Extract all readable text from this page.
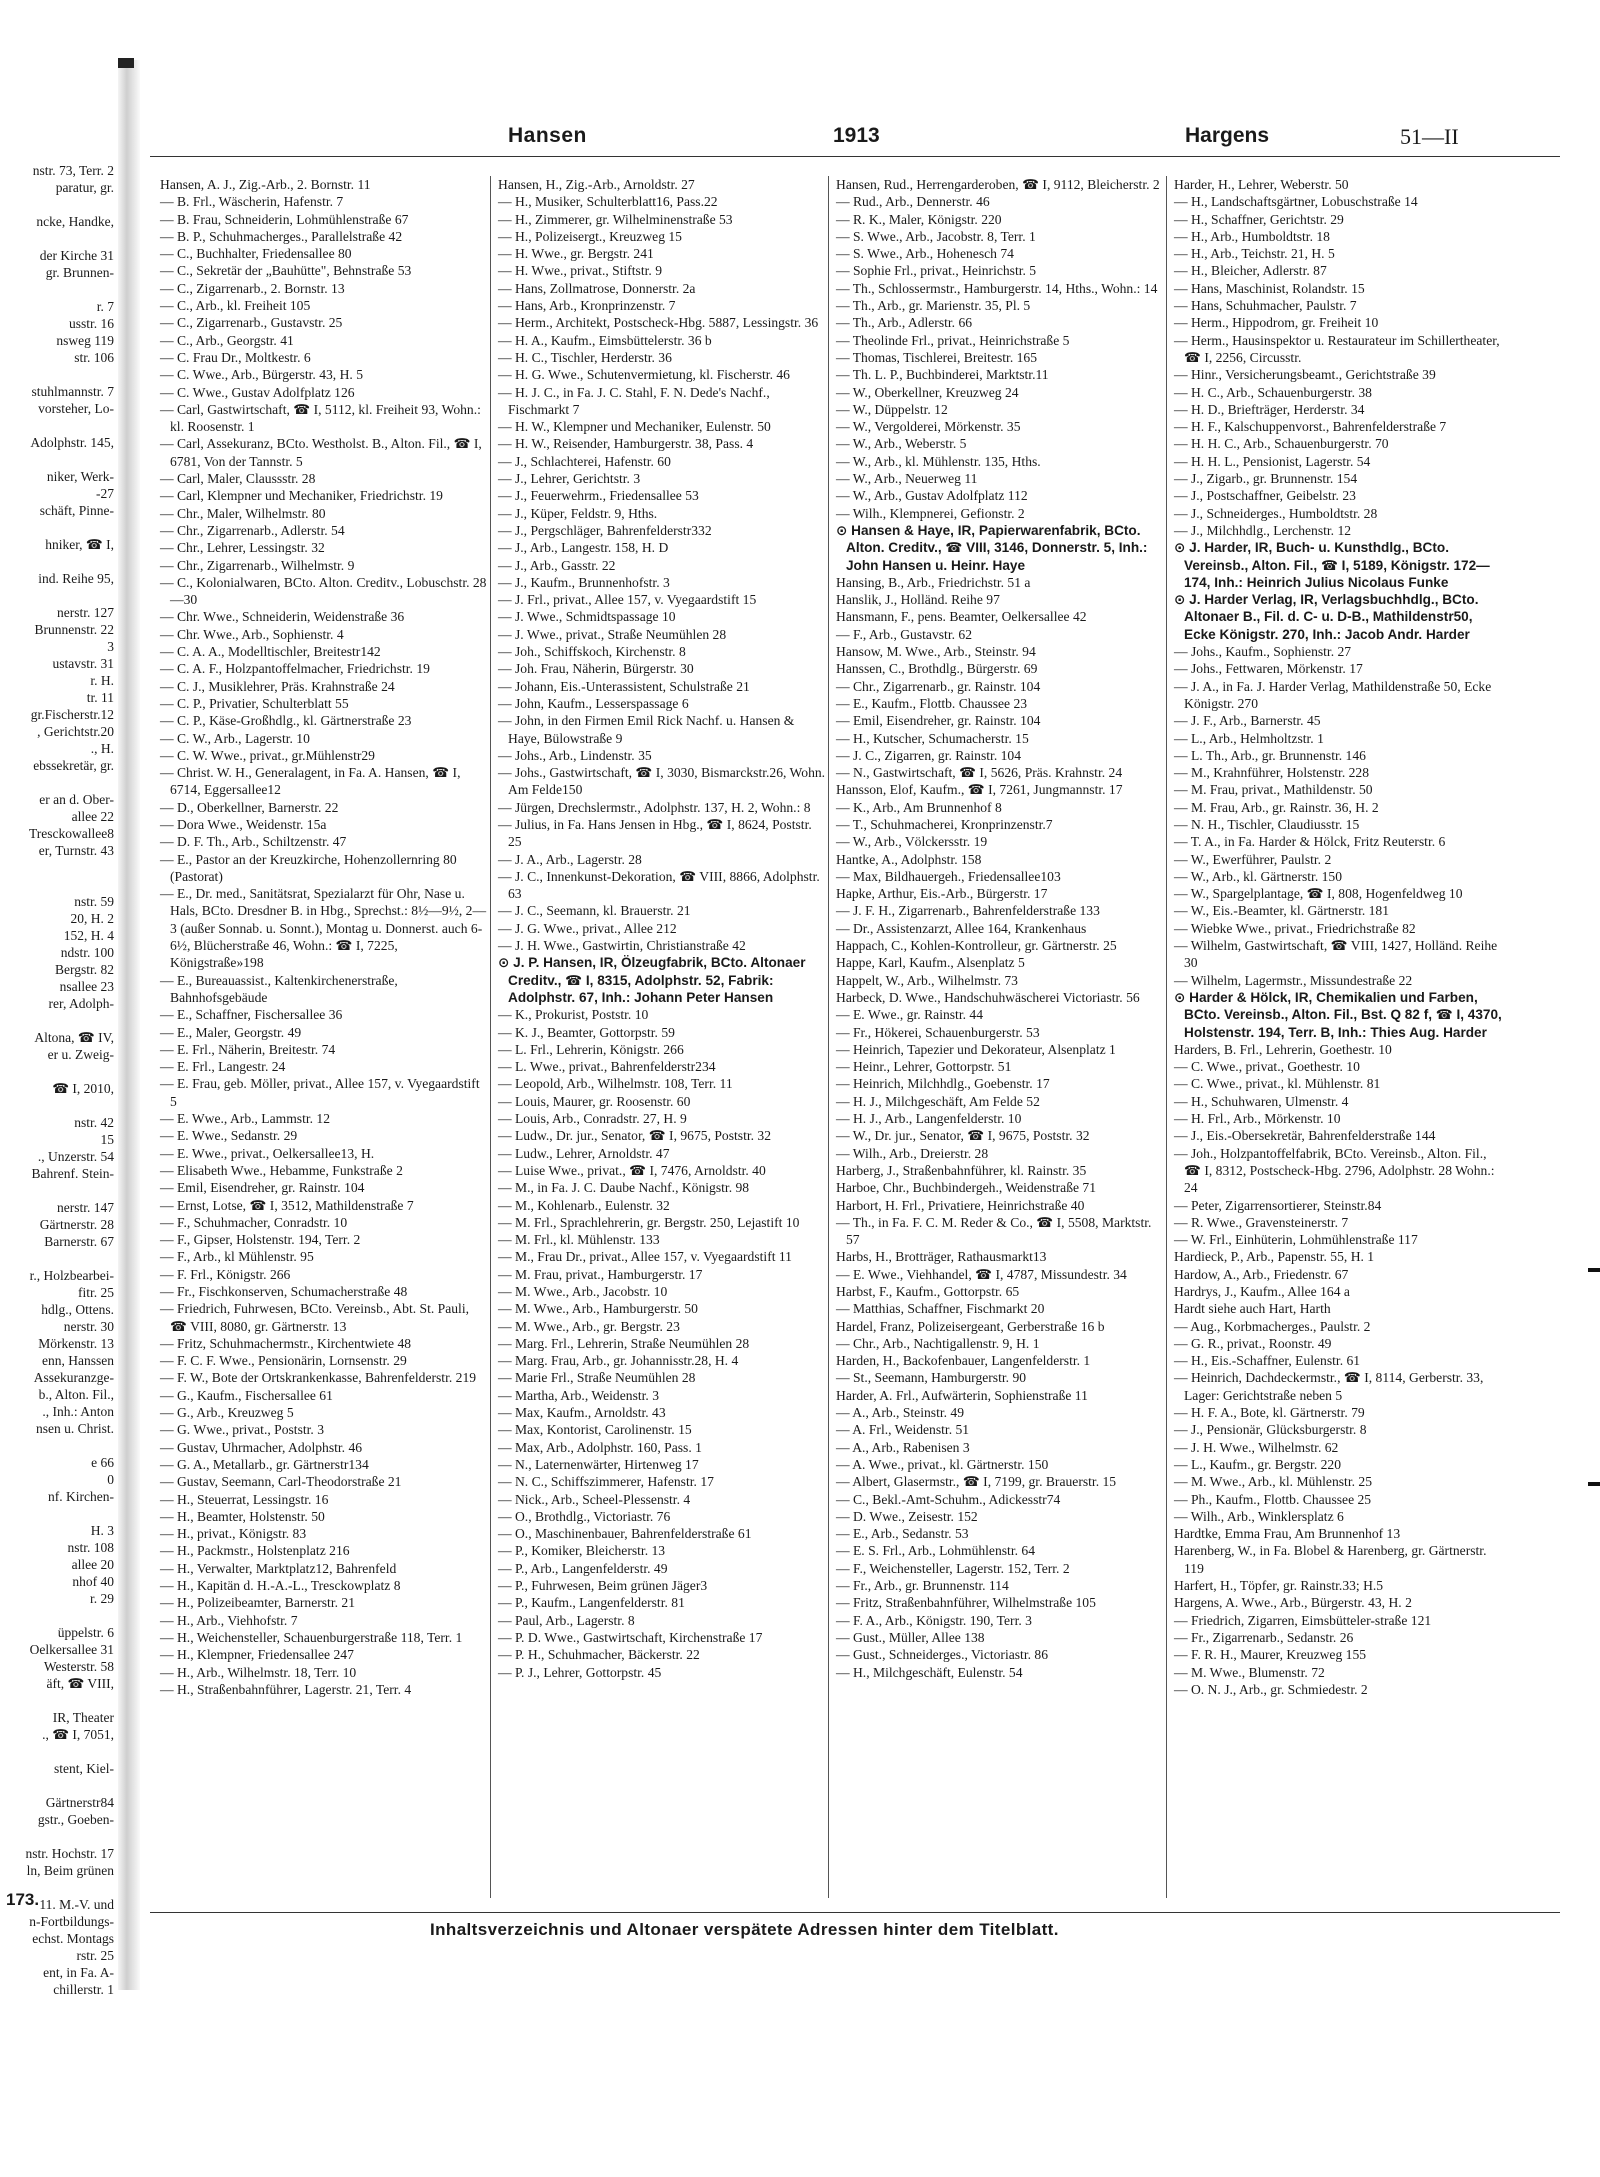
nstr. 73, Terr. 2
paratur, gr.

ncke, Handke,

der Kirche 31
gr. Brunnen-

r. 7
usstr. 16
nsweg 119
str. 106

stuhlmannstr. 7
vorsteher, Lo-

Adolphstr. 145,

niker, Werk-
-27
schäft, Pinne-

hniker, ☎ I,

ind. Reihe 95,

nerstr. 127
Brunnenstr. 22
3
ustavstr. 31
r. H.
tr. 11
gr.Fischerstr.12
, Gerichtstr.20
., H.
ebssekretär, gr.

er an d. Ober-
allee 22
Tresckowallee8
er, Turnstr. 43

nstr. 59
20, H. 2
152, H. 4
ndstr. 100
Bergstr. 82
nsallee 23
rer, Adolph-

Altona, ☎ IV,
er u. Zweig-

☎ I, 2010,

nstr. 42
15
., Unzerstr. 54
Bahrenf. Stein-

nerstr. 147
Gärtnerstr. 28
Barnerstr. 67

r., Holzbearbei-
fitr. 25
hdlg., Ottens.
nerstr. 30
Mörkenstr. 13
enn, Hanssen
Assekuranzge-
b., Alton. Fil.,
., Inh.: Anton
nsen u. Christ.

e 66
0
nf. Kirchen-

H. 3
nstr. 108
allee 20
nhof 40
r. 29

üppelstr. 6
Oelkersallee 31
Westerstr. 58
äft, ☎ VIII,

IR, Theater
., ☎ I, 7051,

stent, Kiel-

Gärtnerstr84
gstr., Goeben-

nstr. Hochstr. 17
ln, Beim grünen

11. M.-V. und
n-Fortbildungs-
echst. Montags
rstr. 25
ent, in Fa. A-
chillerstr. 1
173.
Hansen	1913	Hargens	51—II

Hansen, A. J., Zig.-Arb., 2. Bornstr. 11

— B. Frl., Wäscherin, Hafenstr. 7

— B. Frau, Schneiderin, Lohmühlenstraße 67

— B. P., Schuhmacherges., Parallelstraße 42

— C., Buchhalter, Friedensallee 80

— C., Sekretär der „Bauhütte", Behnstraße 53

— C., Zigarrenarb., 2. Bornstr. 13

— C., Arb., kl. Freiheit 105

— C., Zigarrenarb., Gustavstr. 25

— C., Arb., Georgstr. 41

— C. Frau Dr., Moltkestr. 6

— C. Wwe., Arb., Bürgerstr. 43, H. 5

— C. Wwe., Gustav Adolfplatz 126

— Carl, Gastwirtschaft, ☎ I, 5112, kl. Freiheit 93, Wohn.: kl. Roosenstr. 1

— Carl, Assekuranz, BCto. Westholst. B., Alton. Fil., ☎ I, 6781, Von der Tannstr. 5

— Carl, Maler, Claussstr. 28

— Carl, Klempner und Mechaniker, Friedrichstr. 19

— Chr., Maler, Wilhelmstr. 80

— Chr., Zigarrenarb., Adlerstr. 54

— Chr., Lehrer, Lessingstr. 32

— Chr., Zigarrenarb., Wilhelmstr. 9

— C., Kolonialwaren, BCto. Alton. Creditv., Lobuschstr. 28—30

— Chr. Wwe., Schneiderin, Weidenstraße 36

— Chr. Wwe., Arb., Sophienstr. 4

— C. A. A., Modelltischler, Breitestr142

— C. A. F., Holzpantoffelmacher, Friedrichstr. 19

— C. J., Musiklehrer, Präs. Krahnstraße 24

— C. P., Privatier, Schulterblatt 55

— C. P., Käse-Großhdlg., kl. Gärtnerstraße 23

— C. W., Arb., Lagerstr. 10

— C. W. Wwe., privat., gr.Mühlenstr29

— Christ. W. H., Generalagent, in Fa. A. Hansen, ☎ I, 6714, Eggersallee12

— D., Oberkellner, Barnerstr. 22

— Dora Wwe., Weidenstr. 15a

— D. F. Th., Arb., Schiltzenstr. 47

— E., Pastor an der Kreuzkirche, Hohenzollernring 80 (Pastorat)

— E., Dr. med., Sanitätsrat, Spezialarzt für Ohr, Nase u. Hals, BCto. Dresdner B. in Hbg., Sprechst.: 8½—9½, 2—3 (außer Sonnab. u. Sonnt.), Montag u. Donnerst. auch 6-6½, Blücherstraße 46, Wohn.: ☎ I, 7225, Königstraße»198

— E., Bureauassist., Kaltenkirchenerstraße, Bahnhofsgebäude

— E., Schaffner, Fischersallee 36

— E., Maler, Georgstr. 49

— E. Frl., Näherin, Breitestr. 74

— E. Frl., Langestr. 24

— E. Frau, geb. Möller, privat., Allee 157, v. Vyegaardstift 5

— E. Wwe., Arb., Lammstr. 12

— E. Wwe., Sedanstr. 29

— E. Wwe., privat., Oelkersallee13, H.

— Elisabeth Wwe., Hebamme, Funkstraße 2

— Emil, Eisendreher, gr. Rainstr. 104

— Ernst, Lotse, ☎ I, 3512, Mathildenstraße 7

— F., Schuhmacher, Conradstr. 10

— F., Gipser, Holstenstr. 194, Terr. 2

— F., Arb., kl Mühlenstr. 95

— F. Frl., Königstr. 266

— Fr., Fischkonserven, Schumacherstraße 48

— Friedrich, Fuhrwesen, BCto. Vereinsb., Abt. St. Pauli, ☎ VIII, 8080, gr. Gärtnerstr. 13

— Fritz, Schuhmachermstr., Kirchentwiete 48

— F. C. F. Wwe., Pensionärin, Lornsenstr. 29

— F. W., Bote der Ortskrankenkasse, Bahrenfelderstr. 219

— G., Kaufm., Fischersallee 61

— G., Arb., Kreuzweg 5

— G. Wwe., privat., Poststr. 3

— Gustav, Uhrmacher, Adolphstr. 46

— G. A., Metallarb., gr. Gärtnerstr134

— Gustav, Seemann, Carl-Theodorstraße 21

— H., Steuerrat, Lessingstr. 16

— H., Beamter, Holstenstr. 50

— H., privat., Königstr. 83

— H., Packmstr., Holstenplatz 216

— H., Verwalter, Marktplatz12, Bahrenfeld

— H., Kapitän d. H.-A.-L., Tresckowplatz 8

— H., Polizeibeamter, Barnerstr. 21

— H., Arb., Viehhofstr. 7

— H., Weichensteller, Schauenburgerstraße 118, Terr. 1

— H., Klempner, Friedensallee 247

— H., Arb., Wilhelmstr. 18, Terr. 10

— H., Straßenbahnführer, Lagerstr. 21, Terr. 4

Hansen, H., Zig.-Arb., Arnoldstr. 27

— H., Musiker, Schulterblatt16, Pass.22

— H., Zimmerer, gr. Wilhelminenstraße 53

— H., Polizeisergt., Kreuzweg 15

— H. Wwe., gr. Bergstr. 241

— H. Wwe., privat., Stiftstr. 9

— Hans, Zollmatrose, Donnerstr. 2a

— Hans, Arb., Kronprinzenstr. 7

— Herm., Architekt, Postscheck-Hbg. 5887, Lessingstr. 36

— H. A., Kaufm., Eimsbüttelerstr. 36 b

— H. C., Tischler, Herderstr. 36

— H. G. Wwe., Schutenvermietung, kl. Fischerstr. 46

— H. J. C., in Fa. J. C. Stahl, F. N. Dede's Nachf., Fischmarkt 7

— H. W., Klempner und Mechaniker, Eulenstr. 50

— H. W., Reisender, Hamburgerstr. 38, Pass. 4

— J., Schlachterei, Hafenstr. 60

— J., Lehrer, Gerichtstr. 3

— J., Feuerwehrm., Friedensallee 53

— J., Küper, Feldstr. 9, Hths.

— J., Pergschläger, Bahrenfelderstr332

— J., Arb., Langestr. 158, H. D

— J., Arb., Gasstr. 22

— J., Kaufm., Brunnenhofstr. 3

— J. Frl., privat., Allee 157, v. Vyegaardstift 15

— J. Wwe., Schmidtspassage 10

— J. Wwe., privat., Straße Neumühlen 28

— Joh., Schiffskoch, Kirchenstr. 8

— Joh. Frau, Näherin, Bürgerstr. 30

— Johann, Eis.-Unterassistent, Schulstraße 21

— John, Kaufm., Lesserspassage 6

— John, in den Firmen Emil Rick Nachf. u. Hansen & Haye, Bülowstraße 9

— Johs., Arb., Lindenstr. 35

— Johs., Gastwirtschaft, ☎ I, 3030, Bismarckstr.26, Wohn. Am Felde150

— Jürgen, Drechslermstr., Adolphstr. 137, H. 2, Wohn.: 8

— Julius, in Fa. Hans Jensen in Hbg., ☎ I, 8624, Poststr. 25

— J. A., Arb., Lagerstr. 28

— J. C., Innenkunst-Dekoration, ☎ VIII, 8866, Adolphstr. 63

— J. C., Seemann, kl. Brauerstr. 21

— J. G. Wwe., privat., Allee 212

— J. H. Wwe., Gastwirtin, Christianstraße 42

⊙ J. P. Hansen, IR, Ölzeugfabrik, BCto. Altonaer Creditv., ☎ I, 8315, Adolphstr. 52, Fabrik: Adolphstr. 67, Inh.: Johann Peter Hansen

— K., Prokurist, Poststr. 10

— K. J., Beamter, Gottorpstr. 59

— L. Frl., Lehrerin, Königstr. 266

— L. Wwe., privat., Bahrenfelderstr234

— Leopold, Arb., Wilhelmstr. 108, Terr. 11

— Louis, Maurer, gr. Roosenstr. 60

— Louis, Arb., Conradstr. 27, H. 9

— Ludw., Dr. jur., Senator, ☎ I, 9675, Poststr. 32

— Ludw., Lehrer, Arnoldstr. 47

— Luise Wwe., privat., ☎ I, 7476, Arnoldstr. 40

— M., in Fa. J. C. Daube Nachf., Königstr. 98

— M., Kohlenarb., Eulenstr. 32

— M. Frl., Sprachlehrerin, gr. Bergstr. 250, Lejastift 10

— M. Frl., kl. Mühlenstr. 133

— M., Frau Dr., privat., Allee 157, v. Vyegaardstift 11

— M. Frau, privat., Hamburgerstr. 17

— M. Wwe., Arb., Jacobstr. 10

— M. Wwe., Arb., Hamburgerstr. 50

— M. Wwe., Arb., gr. Bergstr. 23

— Marg. Frl., Lehrerin, Straße Neumühlen 28

— Marg. Frau, Arb., gr. Johannisstr.28, H. 4

— Marie Frl., Straße Neumühlen 28

— Martha, Arb., Weidenstr. 3

— Max, Kaufm., Arnoldstr. 43

— Max, Kontorist, Carolinenstr. 15

— Max, Arb., Adolphstr. 160, Pass. 1

— N., Laternenwärter, Hirtenweg 17

— N. C., Schiffszimmerer, Hafenstr. 17

— Nick., Arb., Scheel-Plessenstr. 4

— O., Brothdlg., Victoriastr. 76

— O., Maschinenbauer, Bahrenfelderstraße 61

— P., Komiker, Bleicherstr. 13

— P., Arb., Langenfelderstr. 49

— P., Fuhrwesen, Beim grünen Jäger3

— P., Kaufm., Langenfelderstr. 81

— Paul, Arb., Lagerstr. 8

— P. D. Wwe., Gastwirtschaft, Kirchenstraße 17

— P. H., Schuhmacher, Bäckerstr. 22

— P. J., Lehrer, Gottorpstr. 45

Hansen, Rud., Herrengarderoben, ☎ I, 9112, Bleicherstr. 2

— Rud., Arb., Dennerstr. 46

— R. K., Maler, Königstr. 220

— S. Wwe., Arb., Jacobstr. 8, Terr. 1

— S. Wwe., Arb., Hohenesch 74

— Sophie Frl., privat., Heinrichstr. 5

— Th., Schlossermstr., Hamburgerstr. 14, Hths., Wohn.: 14

— Th., Arb., gr. Marienstr. 35, Pl. 5

— Th., Arb., Adlerstr. 66

— Theolinde Frl., privat., Heinrichstraße 5

— Thomas, Tischlerei, Breitestr. 165

— Th. L. P., Buchbinderei, Marktstr.11

— W., Oberkellner, Kreuzweg 24

— W., Düppelstr. 12

— W., Vergolderei, Mörkenstr. 35

— W., Arb., Weberstr. 5

— W., Arb., kl. Mühlenstr. 135, Hths.

— W., Arb., Neuerweg 11

— W., Arb., Gustav Adolfplatz 112

— Wilh., Klempnerei, Gefionstr. 2

⊙ Hansen & Haye, IR, Papierwarenfabrik, BCto. Alton. Creditv., ☎ VIII, 3146, Donnerstr. 5, Inh.: John Hansen u. Heinr. Haye

Hansing, B., Arb., Friedrichstr. 51 a

Hanslik, J., Holländ. Reihe 97

Hansmann, F., pens. Beamter, Oelkersallee 42

— F., Arb., Gustavstr. 62

Hansow, M. Wwe., Arb., Steinstr. 94

Hanssen, C., Brothdlg., Bürgerstr. 69

— Chr., Zigarrenarb., gr. Rainstr. 104

— E., Kaufm., Flottb. Chaussee 23

— Emil, Eisendreher, gr. Rainstr. 104

— H., Kutscher, Schumacherstr. 15

— J. C., Zigarren, gr. Rainstr. 104

— N., Gastwirtschaft, ☎ I, 5626, Präs. Krahnstr. 24

Hansson, Elof, Kaufm., ☎ I, 7261, Jungmannstr. 17

— K., Arb., Am Brunnenhof 8

— T., Schuhmacherei, Kronprinzenstr.7

— W., Arb., Völckersstr. 19

Hantke, A., Adolphstr. 158

— Max, Bildhauergeh., Friedensallee103

Hapke, Arthur, Eis.-Arb., Bürgerstr. 17

— J. F. H., Zigarrenarb., Bahrenfelderstraße 133

— Dr., Assistenzarzt, Allee 164, Krankenhaus

Happach, C., Kohlen-Kontrolleur, gr. Gärtnerstr. 25

Happe, Karl, Kaufm., Alsenplatz 5

Happelt, W., Arb., Wilhelmstr. 73

Harbeck, D. Wwe., Handschuhwäscherei Victoriastr. 56

— E. Wwe., gr. Rainstr. 44

— Fr., Hökerei, Schauenburgerstr. 53

— Heinrich, Tapezier und Dekorateur, Alsenplatz 1

— Heinr., Lehrer, Gottorpstr. 51

— Heinrich, Milchhdlg., Goebenstr. 17

— H. J., Milchgeschäft, Am Felde 52

— H. J., Arb., Langenfelderstr. 10

— W., Dr. jur., Senator, ☎ I, 9675, Poststr. 32

— Wilh., Arb., Dreierstr. 28

Harberg, J., Straßenbahnführer, kl. Rainstr. 35

Harboe, Chr., Buchbindergeh., Weidenstraße 71

Harbort, H. Frl., Privatiere, Heinrichstraße 40

— Th., in Fa. F. C. M. Reder & Co., ☎ I, 5508, Marktstr. 57

Harbs, H., Brotträger, Rathausmarkt13

— E. Wwe., Viehhandel, ☎ I, 4787, Missundestr. 34

Harbst, F., Kaufm., Gottorpstr. 65

— Matthias, Schaffner, Fischmarkt 20

Hardel, Franz, Polizeisergeant, Gerberstraße 16 b

— Chr., Arb., Nachtigallenstr. 9, H. 1

Harden, H., Backofenbauer, Langenfelderstr. 1

— St., Seemann, Hamburgerstr. 90

Harder, A. Frl., Aufwärterin, Sophienstraße 11

— A., Arb., Steinstr. 49

— A. Frl., Weidenstr. 51

— A., Arb., Rabenisen 3

— A. Wwe., privat., kl. Gärtnerstr. 150

— Albert, Glasermstr., ☎ I, 7199, gr. Brauerstr. 15

— C., Bekl.-Amt-Schuhm., Adickesstr74

— D. Wwe., Zeisestr. 152

— E., Arb., Sedanstr. 53

— E. S. Frl., Arb., Lohmühlenstr. 64

— F., Weichensteller, Lagerstr. 152, Terr. 2

— Fr., Arb., gr. Brunnenstr. 114

— Fritz, Straßenbahnführer, Wilhelmstraße 105

— F. A., Arb., Königstr. 190, Terr. 3

— Gust., Müller, Allee 138

— Gust., Schneiderges., Victoriastr. 86

— H., Milchgeschäft, Eulenstr. 54

Harder, H., Lehrer, Weberstr. 50

— H., Landschaftsgärtner, Lobuschstraße 14

— H., Schaffner, Gerichtstr. 29

— H., Arb., Humboldtstr. 18

— H., Arb., Teichstr. 21, H. 5

— H., Bleicher, Adlerstr. 87

— Hans, Maschinist, Rolandstr. 15

— Hans, Schuhmacher, Paulstr. 7

— Herm., Hippodrom, gr. Freiheit 10

— Herm., Hausinspektor u. Restaurateur im Schillertheater, ☎ I, 2256, Circusstr.

— Hinr., Versicherungsbeamt., Gerichtstraße 39

— H. C., Arb., Schauenburgerstr. 38

— H. D., Briefträger, Herderstr. 34

— H. F., Kalschuppenvorst., Bahrenfelderstraße 7

— H. H. C., Arb., Schauenburgerstr. 70

— H. H. L., Pensionist, Lagerstr. 54

— J., Zigarb., gr. Brunnenstr. 154

— J., Postschaffner, Geibelstr. 23

— J., Schneiderges., Humboldtstr. 28

— J., Milchhdlg., Lerchenstr. 12

⊙ J. Harder, IR, Buch- u. Kunsthdlg., BCto. Vereinsb., Alton. Fil., ☎ I, 5189, Königstr. 172—174, Inh.: Heinrich Julius Nicolaus Funke

⊙ J. Harder Verlag, IR, Verlagsbuchhdlg., BCto. Altonaer B., Fil. d. C- u. D-B., Mathildenstr50, Ecke Königstr. 270, Inh.: Jacob Andr. Harder

— Johs., Kaufm., Sophienstr. 27

— Johs., Fettwaren, Mörkenstr. 17

— J. A., in Fa. J. Harder Verlag, Mathildenstraße 50, Ecke Königstr. 270

— J. F., Arb., Barnerstr. 45

— L., Arb., Helmholtzstr. 1

— L. Th., Arb., gr. Brunnenstr. 146

— M., Krahnführer, Holstenstr. 228

— M. Frau, privat., Mathildenstr. 50

— M. Frau, Arb., gr. Rainstr. 36, H. 2

— N. H., Tischler, Claudiusstr. 15

— T. A., in Fa. Harder & Hölck, Fritz Reuterstr. 6

— W., Ewerführer, Paulstr. 2

— W., Arb., kl. Gärtnerstr. 150

— W., Spargelplantage, ☎ I, 808, Hogenfeldweg 10

— W., Eis.-Beamter, kl. Gärtnerstr. 181

— Wiebke Wwe., privat., Friedrichstraße 82

— Wilhelm, Gastwirtschaft, ☎ VIII, 1427, Holländ. Reihe 30

— Wilhelm, Lagermstr., Missundestraße 22

⊙ Harder & Hölck, IR, Chemikalien und Farben, BCto. Vereinsb., Alton. Fil., Bst. Q 82 f, ☎ I, 4370, Holstenstr. 194, Terr. B, Inh.: Thies Aug. Harder

Harders, B. Frl., Lehrerin, Goethestr. 10

— C. Wwe., privat., Goethestr. 10

— C. Wwe., privat., kl. Mühlenstr. 81

— H., Schuhwaren, Ulmenstr. 4

— H. Frl., Arb., Mörkenstr. 10

— J., Eis.-Obersekretär, Bahrenfelderstraße 144

— Joh., Holzpantoffelfabrik, BCto. Vereinsb., Alton. Fil., ☎ I, 8312, Postscheck-Hbg. 2796, Adolphstr. 28 Wohn.: 24

— Peter, Zigarrensortierer, Steinstr.84

— R. Wwe., Gravensteinerstr. 7

— W. Frl., Einhüterin, Lohmühlenstraße 117

Hardieck, P., Arb., Papenstr. 55, H. 1

Hardow, A., Arb., Friedenstr. 67

Hardrys, J., Kaufm., Allee 164 a

Hardt siehe auch Hart, Harth

— Aug., Korbmacherges., Paulstr. 2

— G. R., privat., Roonstr. 49

— H., Eis.-Schaffner, Eulenstr. 61

— Heinrich, Dachdeckermstr., ☎ I, 8114, Gerberstr. 33, Lager: Gerichtstraße neben 5

— H. F. A., Bote, kl. Gärtnerstr. 79

— J., Pensionär, Glücksburgerstr. 8

— J. H. Wwe., Wilhelmstr. 62

— L., Kaufm., gr. Bergstr. 220

— M. Wwe., Arb., kl. Mühlenstr. 25

— Ph., Kaufm., Flottb. Chaussee 25

— Wilh., Arb., Winklersplatz 6

Hardtke, Emma Frau, Am Brunnenhof 13

Harenberg, W., in Fa. Blobel & Harenberg, gr. Gärtnerstr. 119

Harfert, H., Töpfer, gr. Rainstr.33; H.5

Hargens, A. Wwe., Arb., Bürgerstr. 43, H. 2

— Friedrich, Zigarren, Eimsbütteler-straße 121

— Fr., Zigarrenarb., Sedanstr. 26

— F. R. H., Maurer, Kreuzweg 155

— M. Wwe., Blumenstr. 72

— O. N. J., Arb., gr. Schmiedestr. 2

Inhaltsverzeichnis und Altonaer verspätete Adressen hinter dem Titelblatt.
